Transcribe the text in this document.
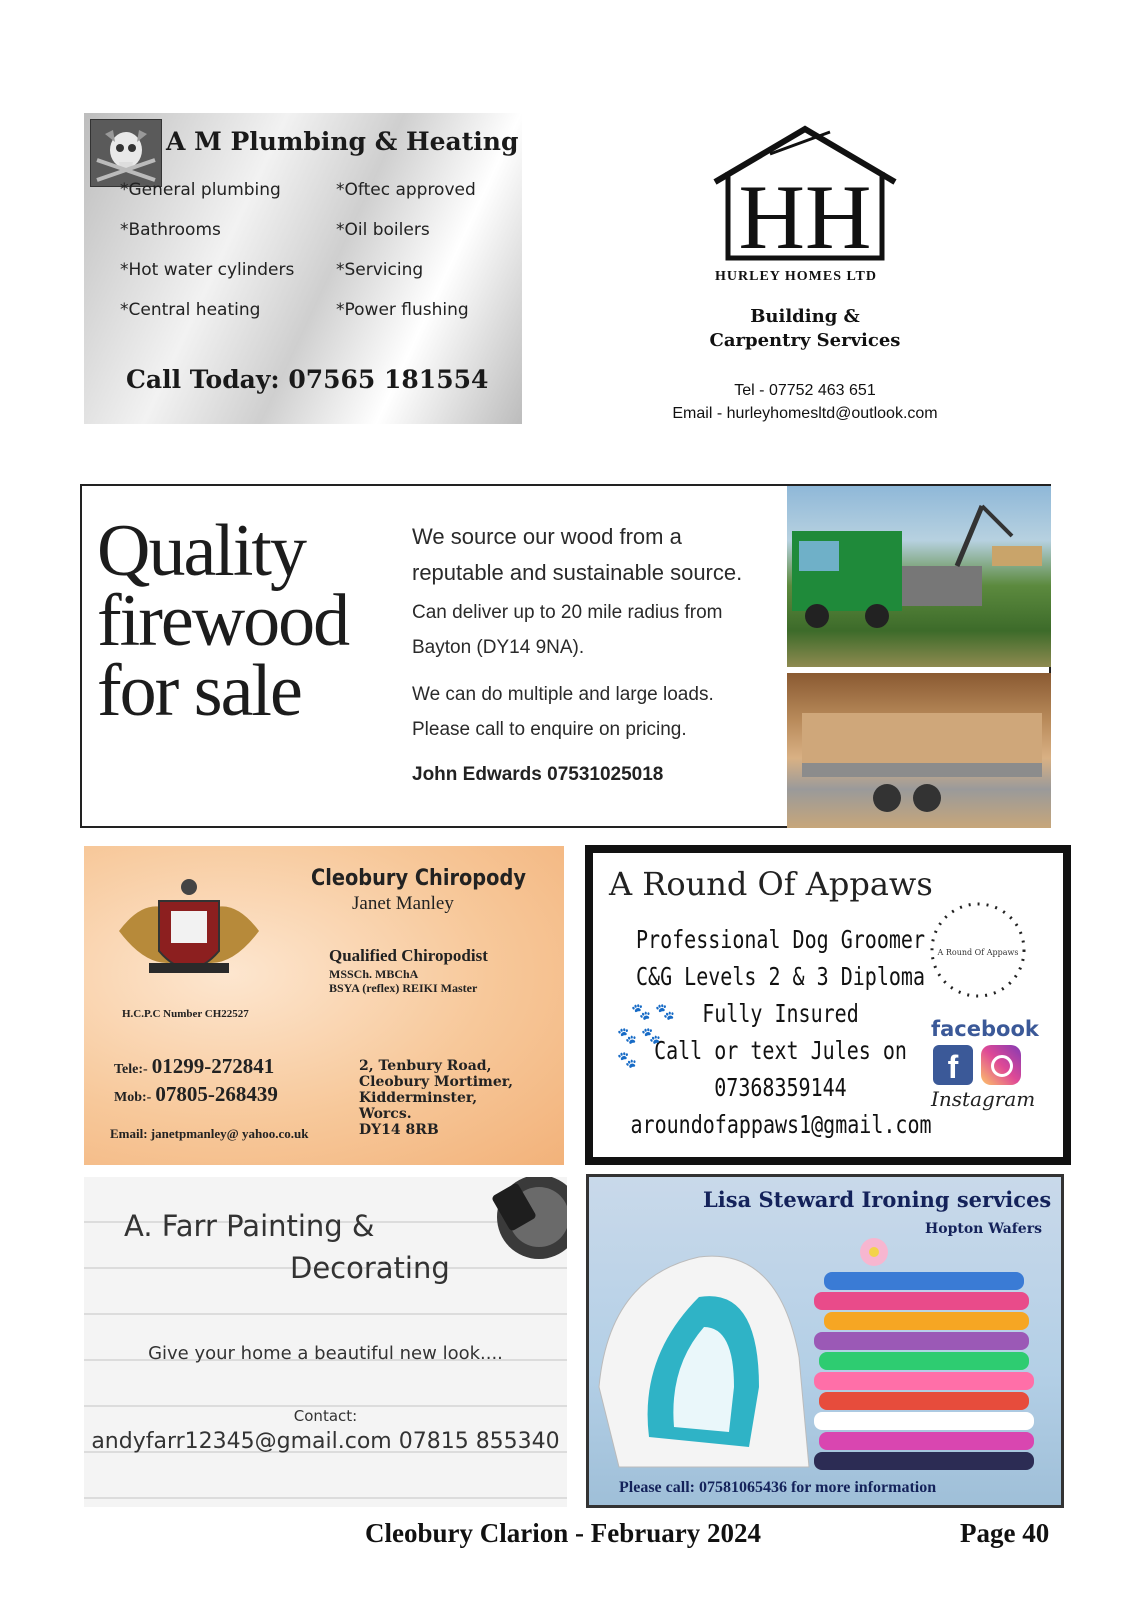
A M Plumbing & Heating
*General plumbing
*Bathrooms
*Hot water cylinders
*Central heating
*Oftec approved
*Oil boilers
*Servicing
*Power flushing
Call Today: 07565 181554
HH
HURLEY HOMES LTD
Building &
Carpentry Services
Tel - 07752 463 651
Email - hurleyhomesltd@outlook.com
Quality
firewood
for sale
We source our wood from a
reputable and sustainable source.
Can deliver up to 20 mile radius from
Bayton (DY14 9NA).
We can do multiple and large loads.
Please call to enquire on pricing.
John Edwards 07531025018
H.C.P.C Number CH22527
Cleobury Chiropody
Janet Manley
Qualified Chiropodist
MSSCh. MBChA
BSYA (reflex) REIKI Master
Tele:- 01299-272841
Mob:- 07805-268439
Email: janetpmanley@ yahoo.co.uk
2, Tenbury Road,
Cleobury Mortimer,
Kidderminster,
Worcs.
DY14 8RB
A Round Of Appaws
Professional Dog Groomer
C&G Levels 2 & 3 Diploma
Fully Insured
Call or text Jules on
07368359144
aroundofappaws1@gmail.com
🐾 🐾
🐾 🐾
🐾
A Round Of Appaws
facebook
f
Instagram
A. Farr Painting &
Decorating
Give your home a beautiful new look....
Contact:
andyfarr12345@gmail.com 07815 855340
Lisa Steward Ironing services
Hopton Wafers
Please call: 07581065436 for more information
Cleobury Clarion - February 2024	Page 40
